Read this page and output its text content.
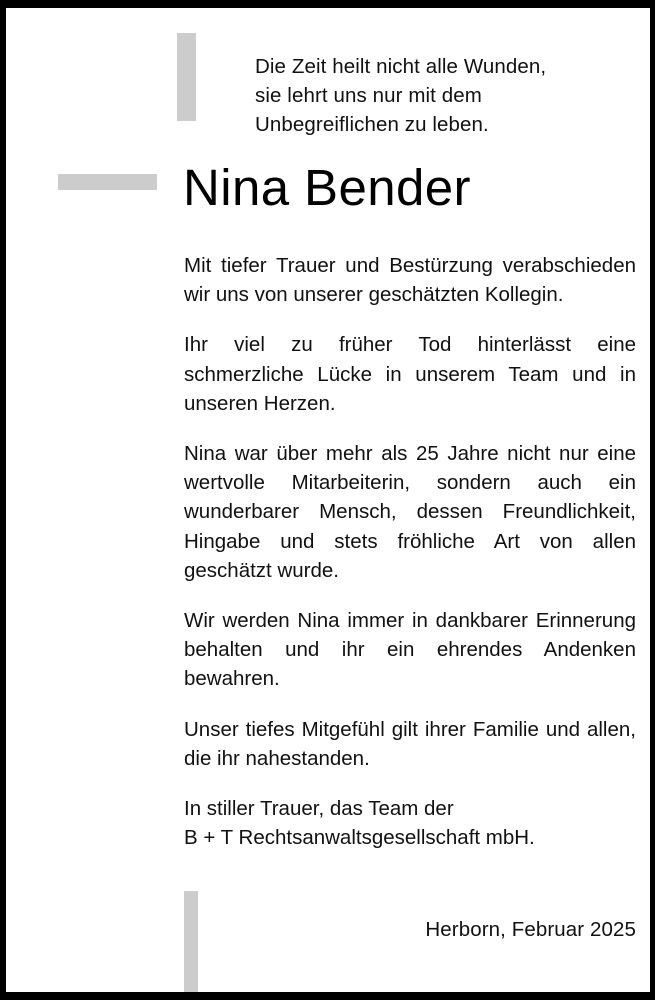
Die Zeit heilt nicht alle Wunden,
sie lehrt uns nur mit dem
Unbegreiflichen zu leben.
Nina Bender

Mit tiefer Trauer und Bestürzung verabschieden wir uns von unserer geschätzten Kollegin.

Ihr viel zu früher Tod hinterlässt eine schmerzliche Lücke in unserem Team und in unseren Herzen.

Nina war über mehr als 25 Jahre nicht nur eine wertvolle Mitarbeiterin, sondern auch ein wunderbarer Mensch, dessen Freundlichkeit, Hingabe und stets fröhliche Art von allen geschätzt wurde.

Wir werden Nina immer in dankbarer Erinnerung behalten und ihr ein ehrendes Andenken bewahren.

Unser tiefes Mitgefühl gilt ihrer Familie und allen, die ihr nahestanden.

In stiller Trauer, das Team der
B + T Rechtsanwaltsgesellschaft mbH.

Herborn, Februar 2025
